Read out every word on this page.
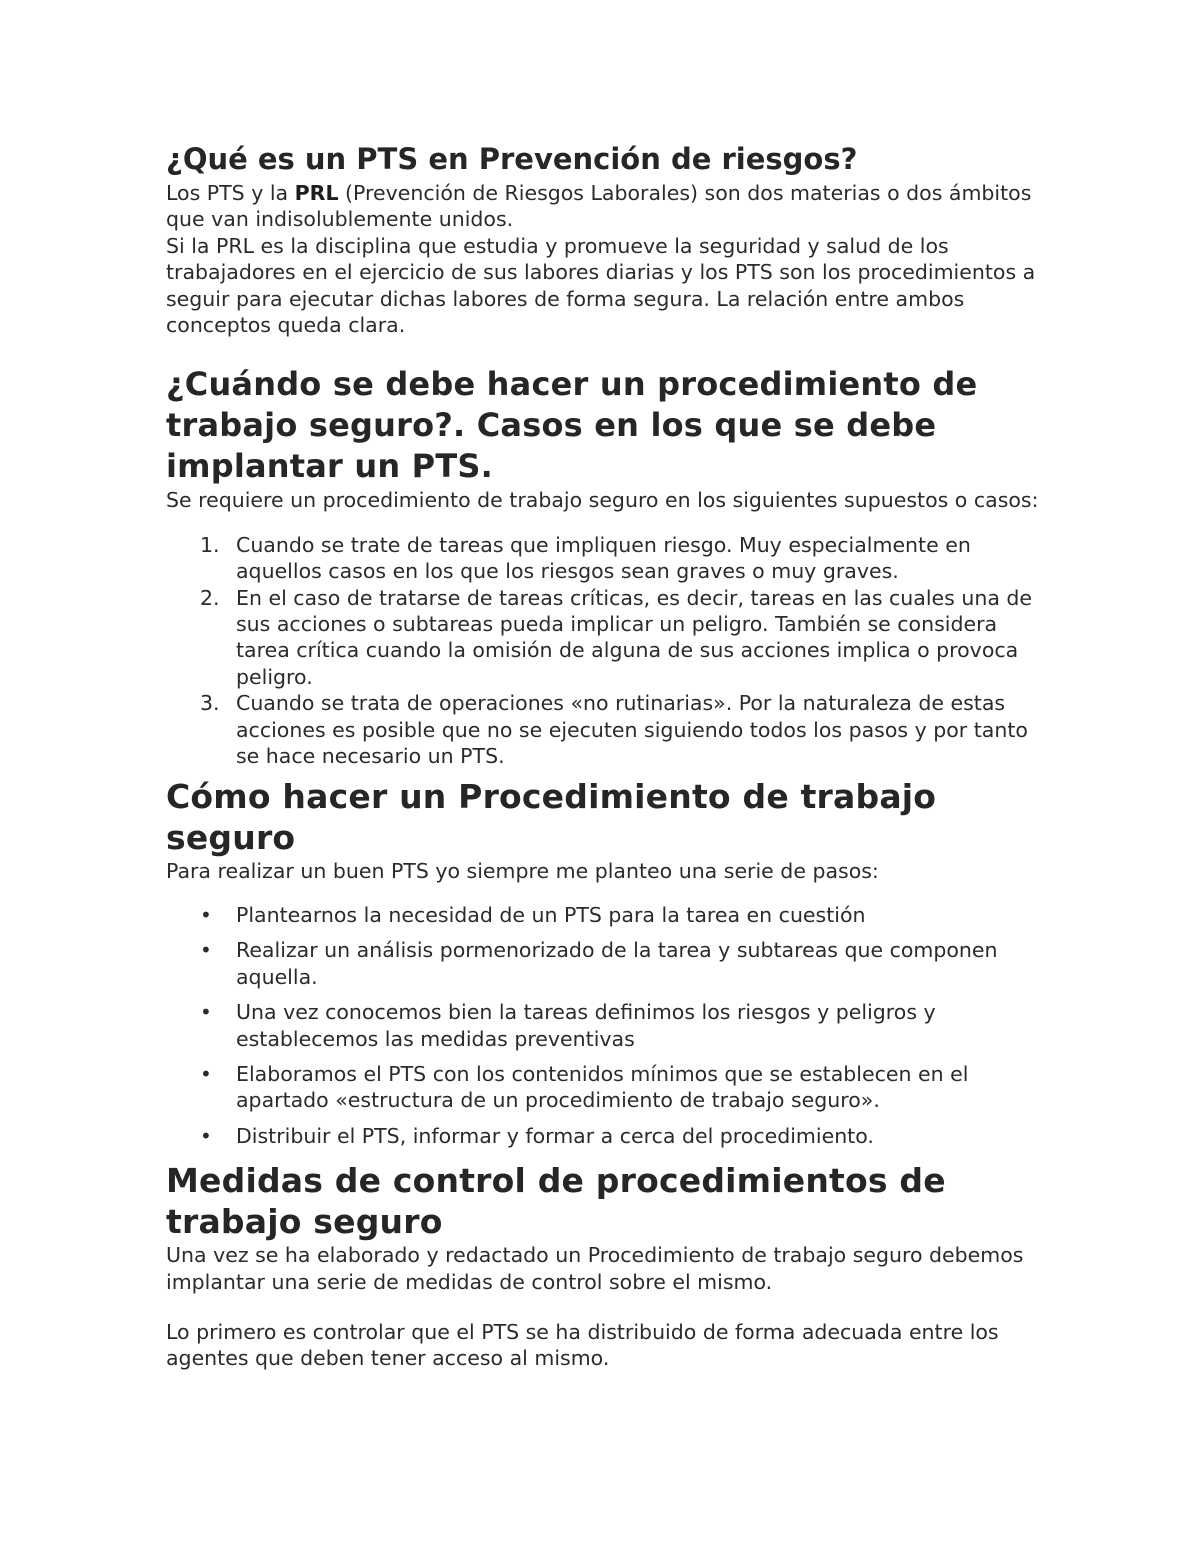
¿Qué es un PTS en Prevención de riesgos?

Los PTS y la PRL (Prevención de Riesgos Laborales) son dos materias o dos ámbitos que van indisolublemente unidos.

Si la PRL es la disciplina que estudia y promueve la seguridad y salud de los trabajadores en el ejercicio de sus labores diarias y los PTS son los procedimientos a seguir para ejecutar dichas labores de forma segura. La relación entre ambos conceptos queda clara.

¿Cuándo se debe hacer un procedimiento de trabajo seguro?. Casos en los que se debe implantar un PTS.

Se requiere un procedimiento de trabajo seguro en los siguientes supuestos o casos:

1. Cuando se trate de tareas que impliquen riesgo. Muy especialmente en aquellos casos en los que los riesgos sean graves o muy graves.
2. En el caso de tratarse de tareas críticas, es decir, tareas en las cuales una de sus acciones o subtareas pueda implicar un peligro. También se considera tarea crítica cuando la omisión de alguna de sus acciones implica o provoca peligro.
3. Cuando se trata de operaciones «no rutinarias». Por la naturaleza de estas acciones es posible que no se ejecuten siguiendo todos los pasos y por tanto se hace necesario un PTS.
Cómo hacer un Procedimiento de trabajo seguro

Para realizar un buen PTS yo siempre me planteo una serie de pasos:

• Plantearnos la necesidad de un PTS para la tarea en cuestión
• Realizar un análisis pormenorizado de la tarea y subtareas que componen aquella.
• Una vez conocemos bien la tareas definimos los riesgos y peligros y establecemos las medidas preventivas
• Elaboramos el PTS con los contenidos mínimos que se establecen en el apartado «estructura de un procedimiento de trabajo seguro».
• Distribuir el PTS, informar y formar a cerca del procedimiento.
Medidas de control de procedimientos de trabajo seguro

Una vez se ha elaborado y redactado un Procedimiento de trabajo seguro debemos implantar una serie de medidas de control sobre el mismo.

Lo primero es controlar que el PTS se ha distribuido de forma adecuada entre los agentes que deben tener acceso al mismo.
